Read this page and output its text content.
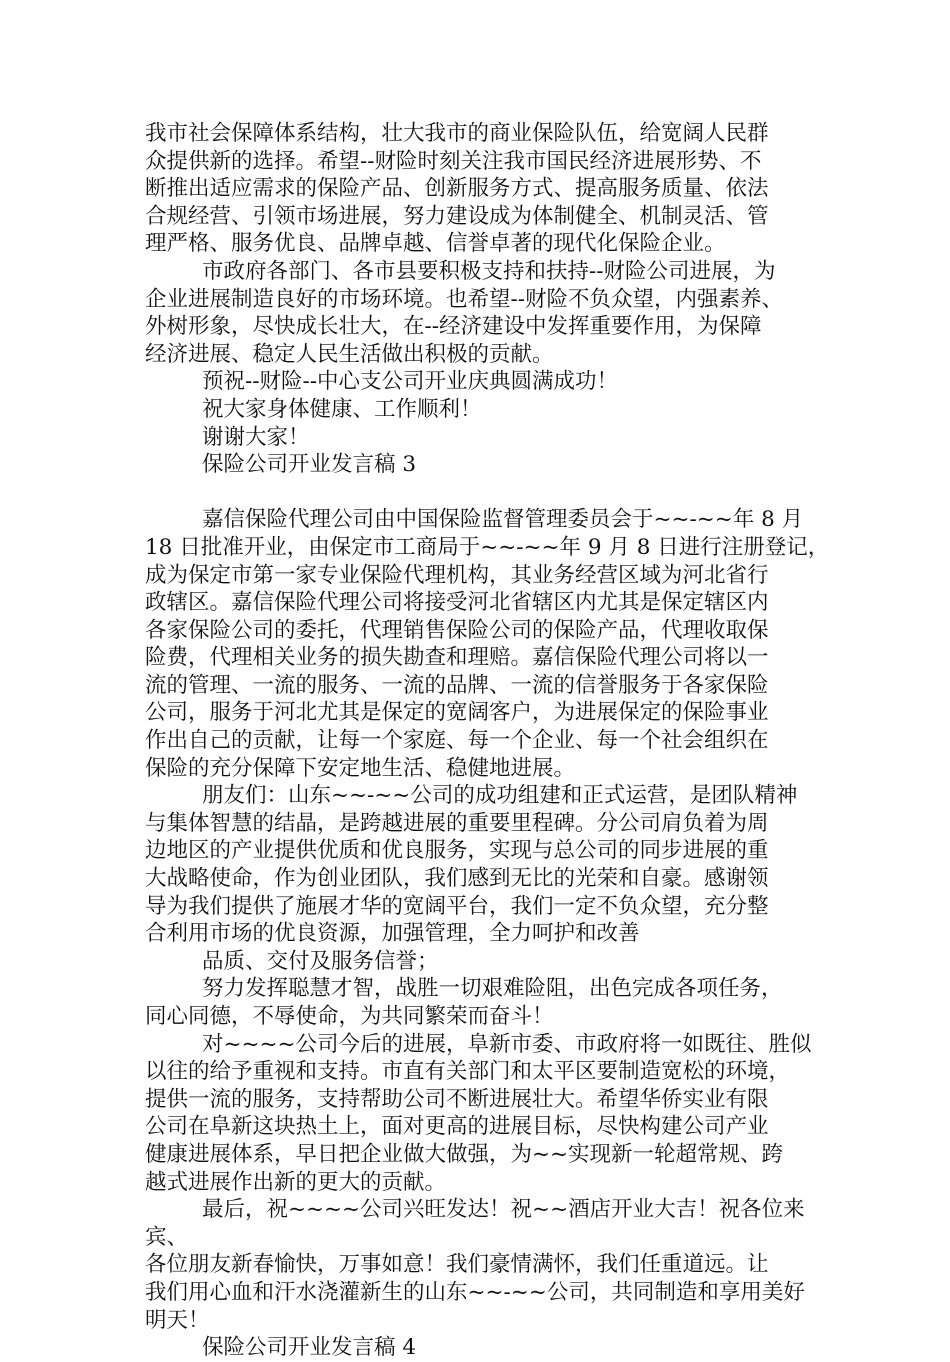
我市社会保障体系结构，壮大我市的商业保险队伍，给宽阔人民群
众提供新的选择。希望--财险时刻关注我市国民经济进展形势、不
断推出适应需求的保险产品、创新服务方式、提高服务质量、依法
合规经营、引领市场进展，努力建设成为体制健全、机制灵活、管
理严格、服务优良、品牌卓越、信誉卓著的现代化保险企业。

市政府各部门、各市县要积极支持和扶持--财险公司进展，为
企业进展制造良好的市场环境。也希望--财险不负众望，内强素养、
外树形象，尽快成长壮大，在--经济建设中发挥重要作用，为保障
经济进展、稳定人民生活做出积极的贡献。

预祝--财险--中心支公司开业庆典圆满成功！

祝大家身体健康、工作顺利！

谢谢大家！

保险公司开业发言稿 3

嘉信保险代理公司由中国保险监督管理委员会于~~-~~年 8 月
18 日批准开业，由保定市工商局于~~-~~年 9 月 8 日进行注册登记，
成为保定市第一家专业保险代理机构，其业务经营区域为河北省行
政辖区。嘉信保险代理公司将接受河北省辖区内尤其是保定辖区内
各家保险公司的委托，代理销售保险公司的保险产品，代理收取保
险费，代理相关业务的损失勘查和理赔。嘉信保险代理公司将以一
流的管理、一流的服务、一流的品牌、一流的信誉服务于各家保险
公司，服务于河北尤其是保定的宽阔客户，为进展保定的保险事业
作出自己的贡献，让每一个家庭、每一个企业、每一个社会组织在
保险的充分保障下安定地生活、稳健地进展。

朋友们：山东~~-~~公司的成功组建和正式运营，是团队精神
与集体智慧的结晶，是跨越进展的重要里程碑。分公司肩负着为周
边地区的产业提供优质和优良服务，实现与总公司的同步进展的重
大战略使命，作为创业团队，我们感到无比的光荣和自豪。感谢领
导为我们提供了施展才华的宽阔平台，我们一定不负众望，充分整
合利用市场的优良资源，加强管理，全力呵护和改善

品质、交付及服务信誉；

努力发挥聪慧才智，战胜一切艰难险阻，出色完成各项任务，
同心同德，不辱使命，为共同繁荣而奋斗！

对~~~~公司今后的进展，阜新市委、市政府将一如既往、胜似
以往的给予重视和支持。市直有关部门和太平区要制造宽松的环境，
提供一流的服务，支持帮助公司不断进展壮大。希望华侨实业有限
公司在阜新这块热土上，面对更高的进展目标，尽快构建公司产业
健康进展体系，早日把企业做大做强，为~~实现新一轮超常规、跨
越式进展作出新的更大的贡献。

最后，祝~~~~公司兴旺发达！祝~~酒店开业大吉！祝各位来宾、
各位朋友新春愉快，万事如意！我们豪情满怀，我们任重道远。让
我们用心血和汗水浇灌新生的山东~~-~~公司，共同制造和享用美好
明天！

保险公司开业发言稿 4
